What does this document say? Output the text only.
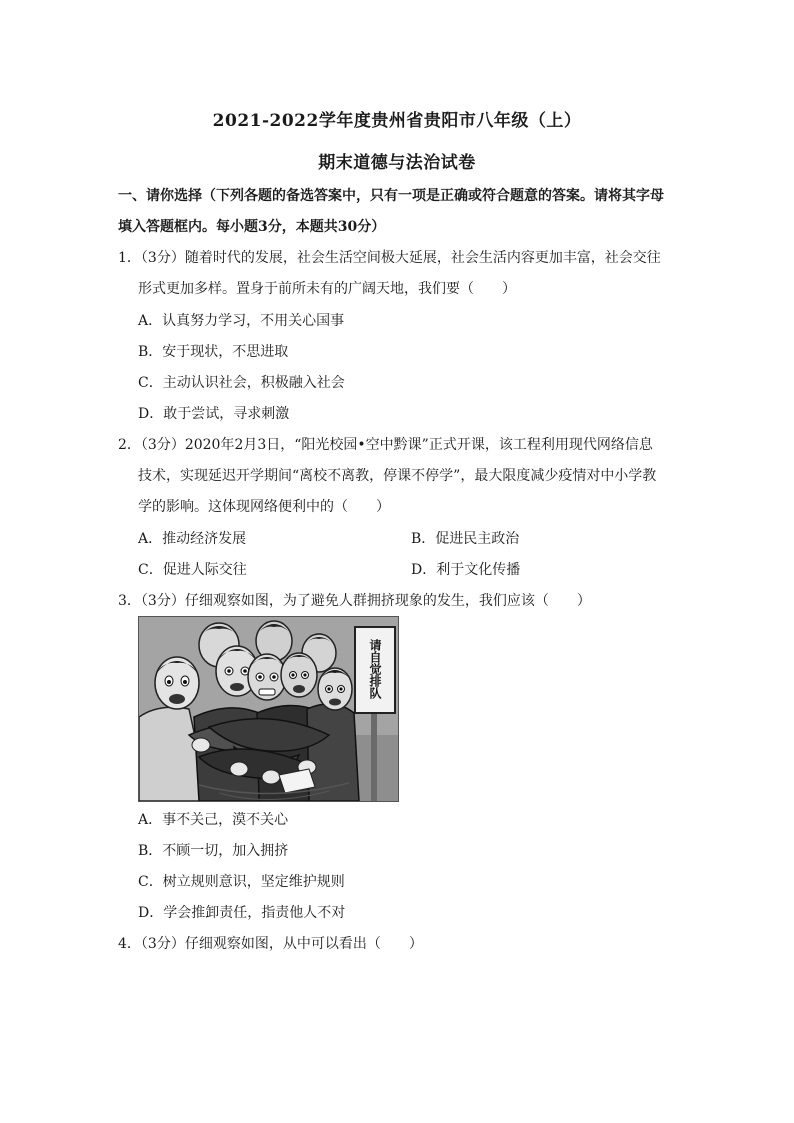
2021-2022学年度贵州省贵阳市八年级（上）
期末道德与法治试卷
一、请你选择（下列各题的备选答案中，只有一项是正确或符合题意的答案。请将其字母
填入答题框内。每小题3分，本题共30分）
1．（3分）随着时代的发展，社会生活空间极大延展，社会生活内容更加丰富，社会交往
形式更加多样。置身于前所未有的广阔天地，我们要（　　）
A．认真努力学习，不用关心国事
B．安于现状，不思进取
C．主动认识社会，积极融入社会
D．敢于尝试，寻求刺激
2．（3分）2020年2月3日，“阳光校园•空中黔课”正式开课，该工程利用现代网络信息
技术，实现延迟开学期间“离校不离教，停课不停学”，最大限度减少疫情对中小学教
学的影响。这体现网络便利中的（　　）
A．推动经济发展	B．促进民主政治
C．促进人际交往	D．利于文化传播
3．（3分）仔细观察如图，为了避免人群拥挤现象的发生，我们应该（　　）
请自觉排队
A．事不关己，漠不关心
B．不顾一切，加入拥挤
C．树立规则意识，坚定维护规则
D．学会推卸责任，指责他人不对
4．（3分）仔细观察如图，从中可以看出（　　）
